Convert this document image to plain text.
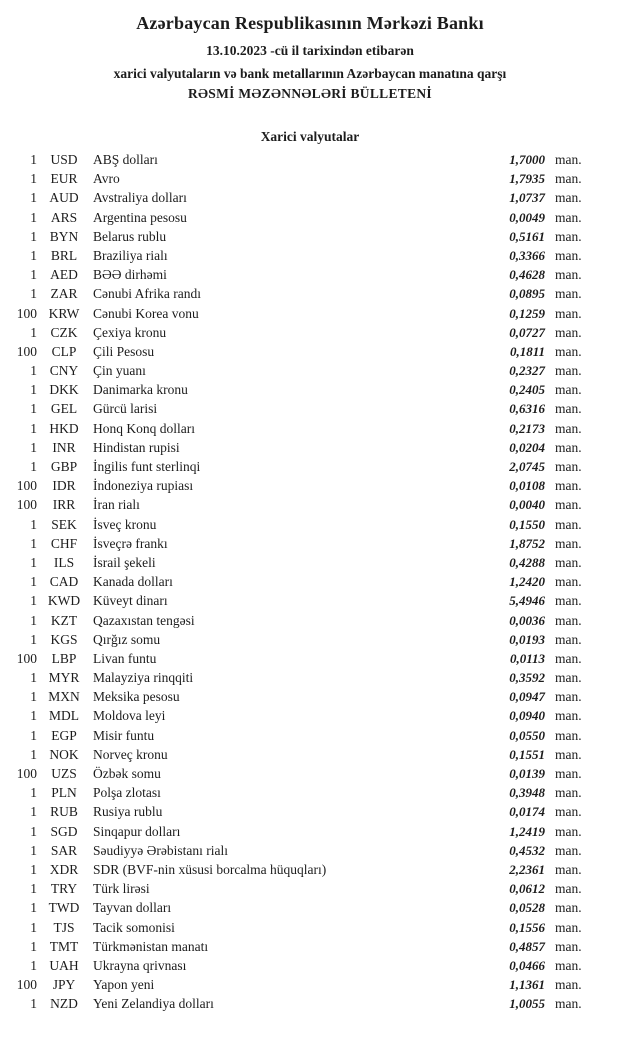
Azərbaycan Respublikasının Mərkəzi Bankı
13.10.2023 -cü il tarixindən etibarən
xarici valyutaların və bank metallarının Azərbaycan manatına qarşı
RƏSMİ MƏZƏNNƏLƏRİ BÜLLETENİ
Xarici valyutalar
1 USD	ABŞ dolları	1,7000 man.
1	EUR	Avro	1,7935 man.
1 AUD	Avstraliya dolları	1,0737 man.
1	ARS	Argentina pesosu	0,0049 man.
1 BYN	Belarus rublu	0,5161 man.
1	BRL	Braziliya rialı	0,3366 man.
1 AED	BƏƏ dirhəmi	0,4628 man.
1	ZAR	Cənubi Afrika randı	0,0895 man.
100 KRW	Cənubi Korea vonu	0,1259 man.
1	CZK	Çexiya kronu	0,0727 man.
100	CLP	Çili Pesosu	0,1811 man.
1 CNY	Çin yuanı	0,2327 man.
1 DKK	Danimarka kronu	0,2405 man.
1	GEL	Gürcü larisi	0,6316 man.
1 HKD	Honq Konq dolları	0,2173 man.
1	INR	Hindistan rupisi	0,0204 man.
1	GBP	İngilis funt sterlinqi	2,0745 man.
100	IDR	İndoneziya rupiası	0,0108 man.
100	IRR	İran rialı	0,0040 man.
1	SEK	İsveç kronu	0,1550 man.
1	CHF	İsveçrə frankı	1,8752 man.
1	ILS	İsrail şekeli	0,4288 man.
1 CAD	Kanada dolları	1,2420 man.
1 KWD Küveyt dinarı	5,4946 man.
1	KZT	Qazaxıstan tengəsi	0,0036 man.
1 KGS	Qırğız somu	0,0193 man.
100	LBP	Livan funtu	0,0113 man.
1 MYR	Malayziya rinqqiti	0,3592 man.
1 MXN Meksika pesosu	0,0947 man.
1 MDL	Moldova leyi	0,0940 man.
1	EGP	Misir funtu	0,0550 man.
1 NOK	Norveç kronu	0,1551 man.
100	UZS	Özbək somu	0,0139 man.
1	PLN	Polşa zlotası	0,3948 man.
1 RUB	Rusiya rublu	0,0174 man.
1 SGD	Sinqapur dolları	1,2419 man.
1	SAR	Səudiyyə Ərəbistanı rialı	0,4532 man.
1 XDR	SDR (BVF-nin xüsusi borcalma hüquqları)	2,2361 man.
1	TRY	Türk lirəsi	0,0612 man.
1 TWD	Tayvan dolları	0,0528 man.
1	TJS	Tacik somonisi	0,1556 man.
1 TMT	Türkmənistan manatı	0,4857 man.
1 UAH	Ukrayna qrivnası	0,0466 man.
100	JPY	Yapon yeni	1,1361 man.
1 NZD	Yeni Zelandiya dolları	1,0055 man.
